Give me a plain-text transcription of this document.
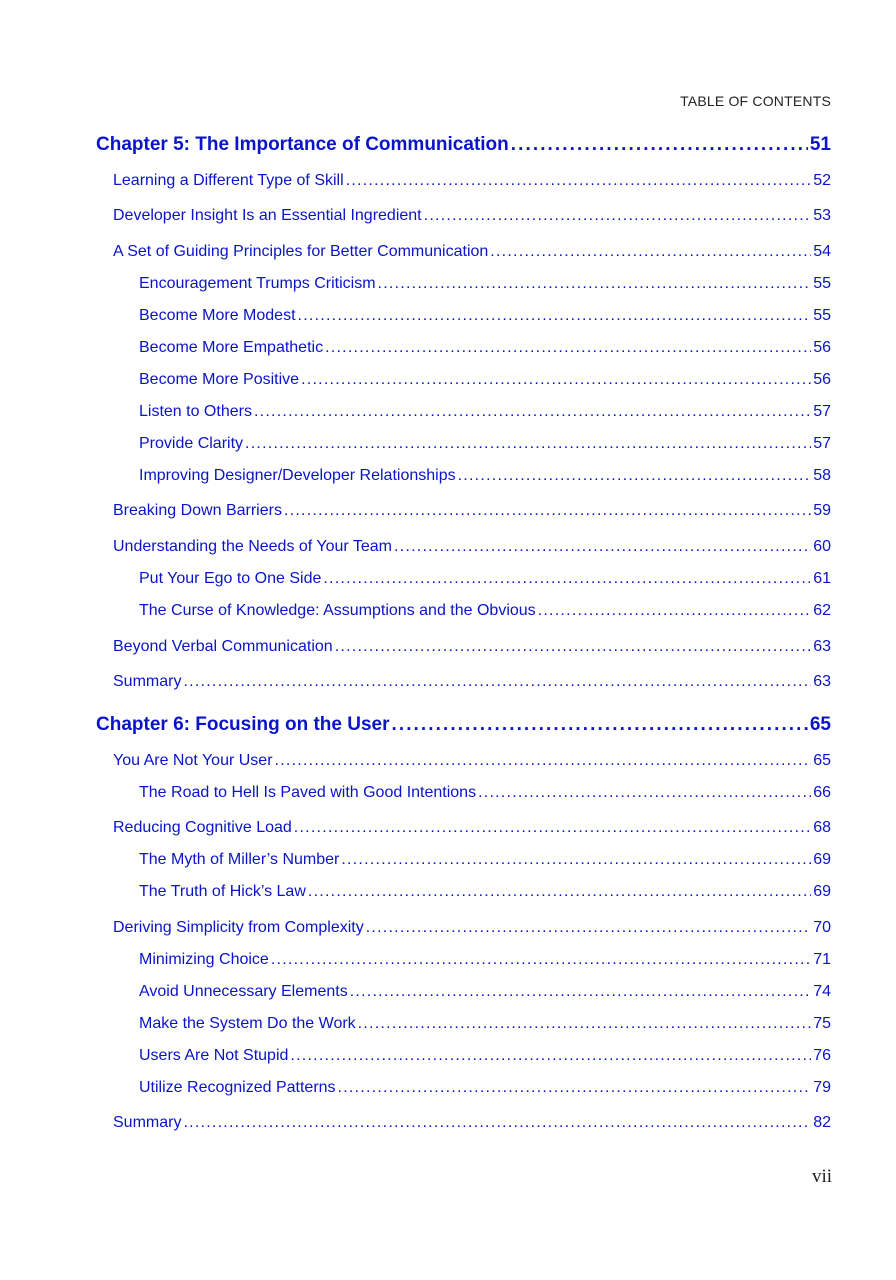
TABLE OF CONTENTS
Chapter 5: The Importance of Communication . . .	51
Learning a Different Type of Skill . . .	52
Developer Insight Is an Essential Ingredient . . .	53
A Set of Guiding Principles for Better Communication . . .	54
Encouragement Trumps Criticism . . .	55
Become More Modest . . .	55
Become More Empathetic . . .	56
Become More Positive . . .	56
Listen to Others . . .	57
Provide Clarity . . .	57
Improving Designer/Developer Relationships . . .	58
Breaking Down Barriers . . .	59
Understanding the Needs of Your Team . . .	60
Put Your Ego to One Side . . .	61
The Curse of Knowledge: Assumptions and the Obvious . . .	62
Beyond Verbal Communication . . .	63
Summary . . .	63
Chapter 6: Focusing on the User . . .	65
You Are Not Your User . . .	65
The Road to Hell Is Paved with Good Intentions . . .	66
Reducing Cognitive Load . . .	68
The Myth of Miller’s Number . . .	69
The Truth of Hick’s Law . . .	69
Deriving Simplicity from Complexity . . .	70
Minimizing Choice . . .	71
Avoid Unnecessary Elements . . .	74
Make the System Do the Work . . .	75
Users Are Not Stupid . . .	76
Utilize Recognized Patterns . . .	79
Summary . . .	82
vii
